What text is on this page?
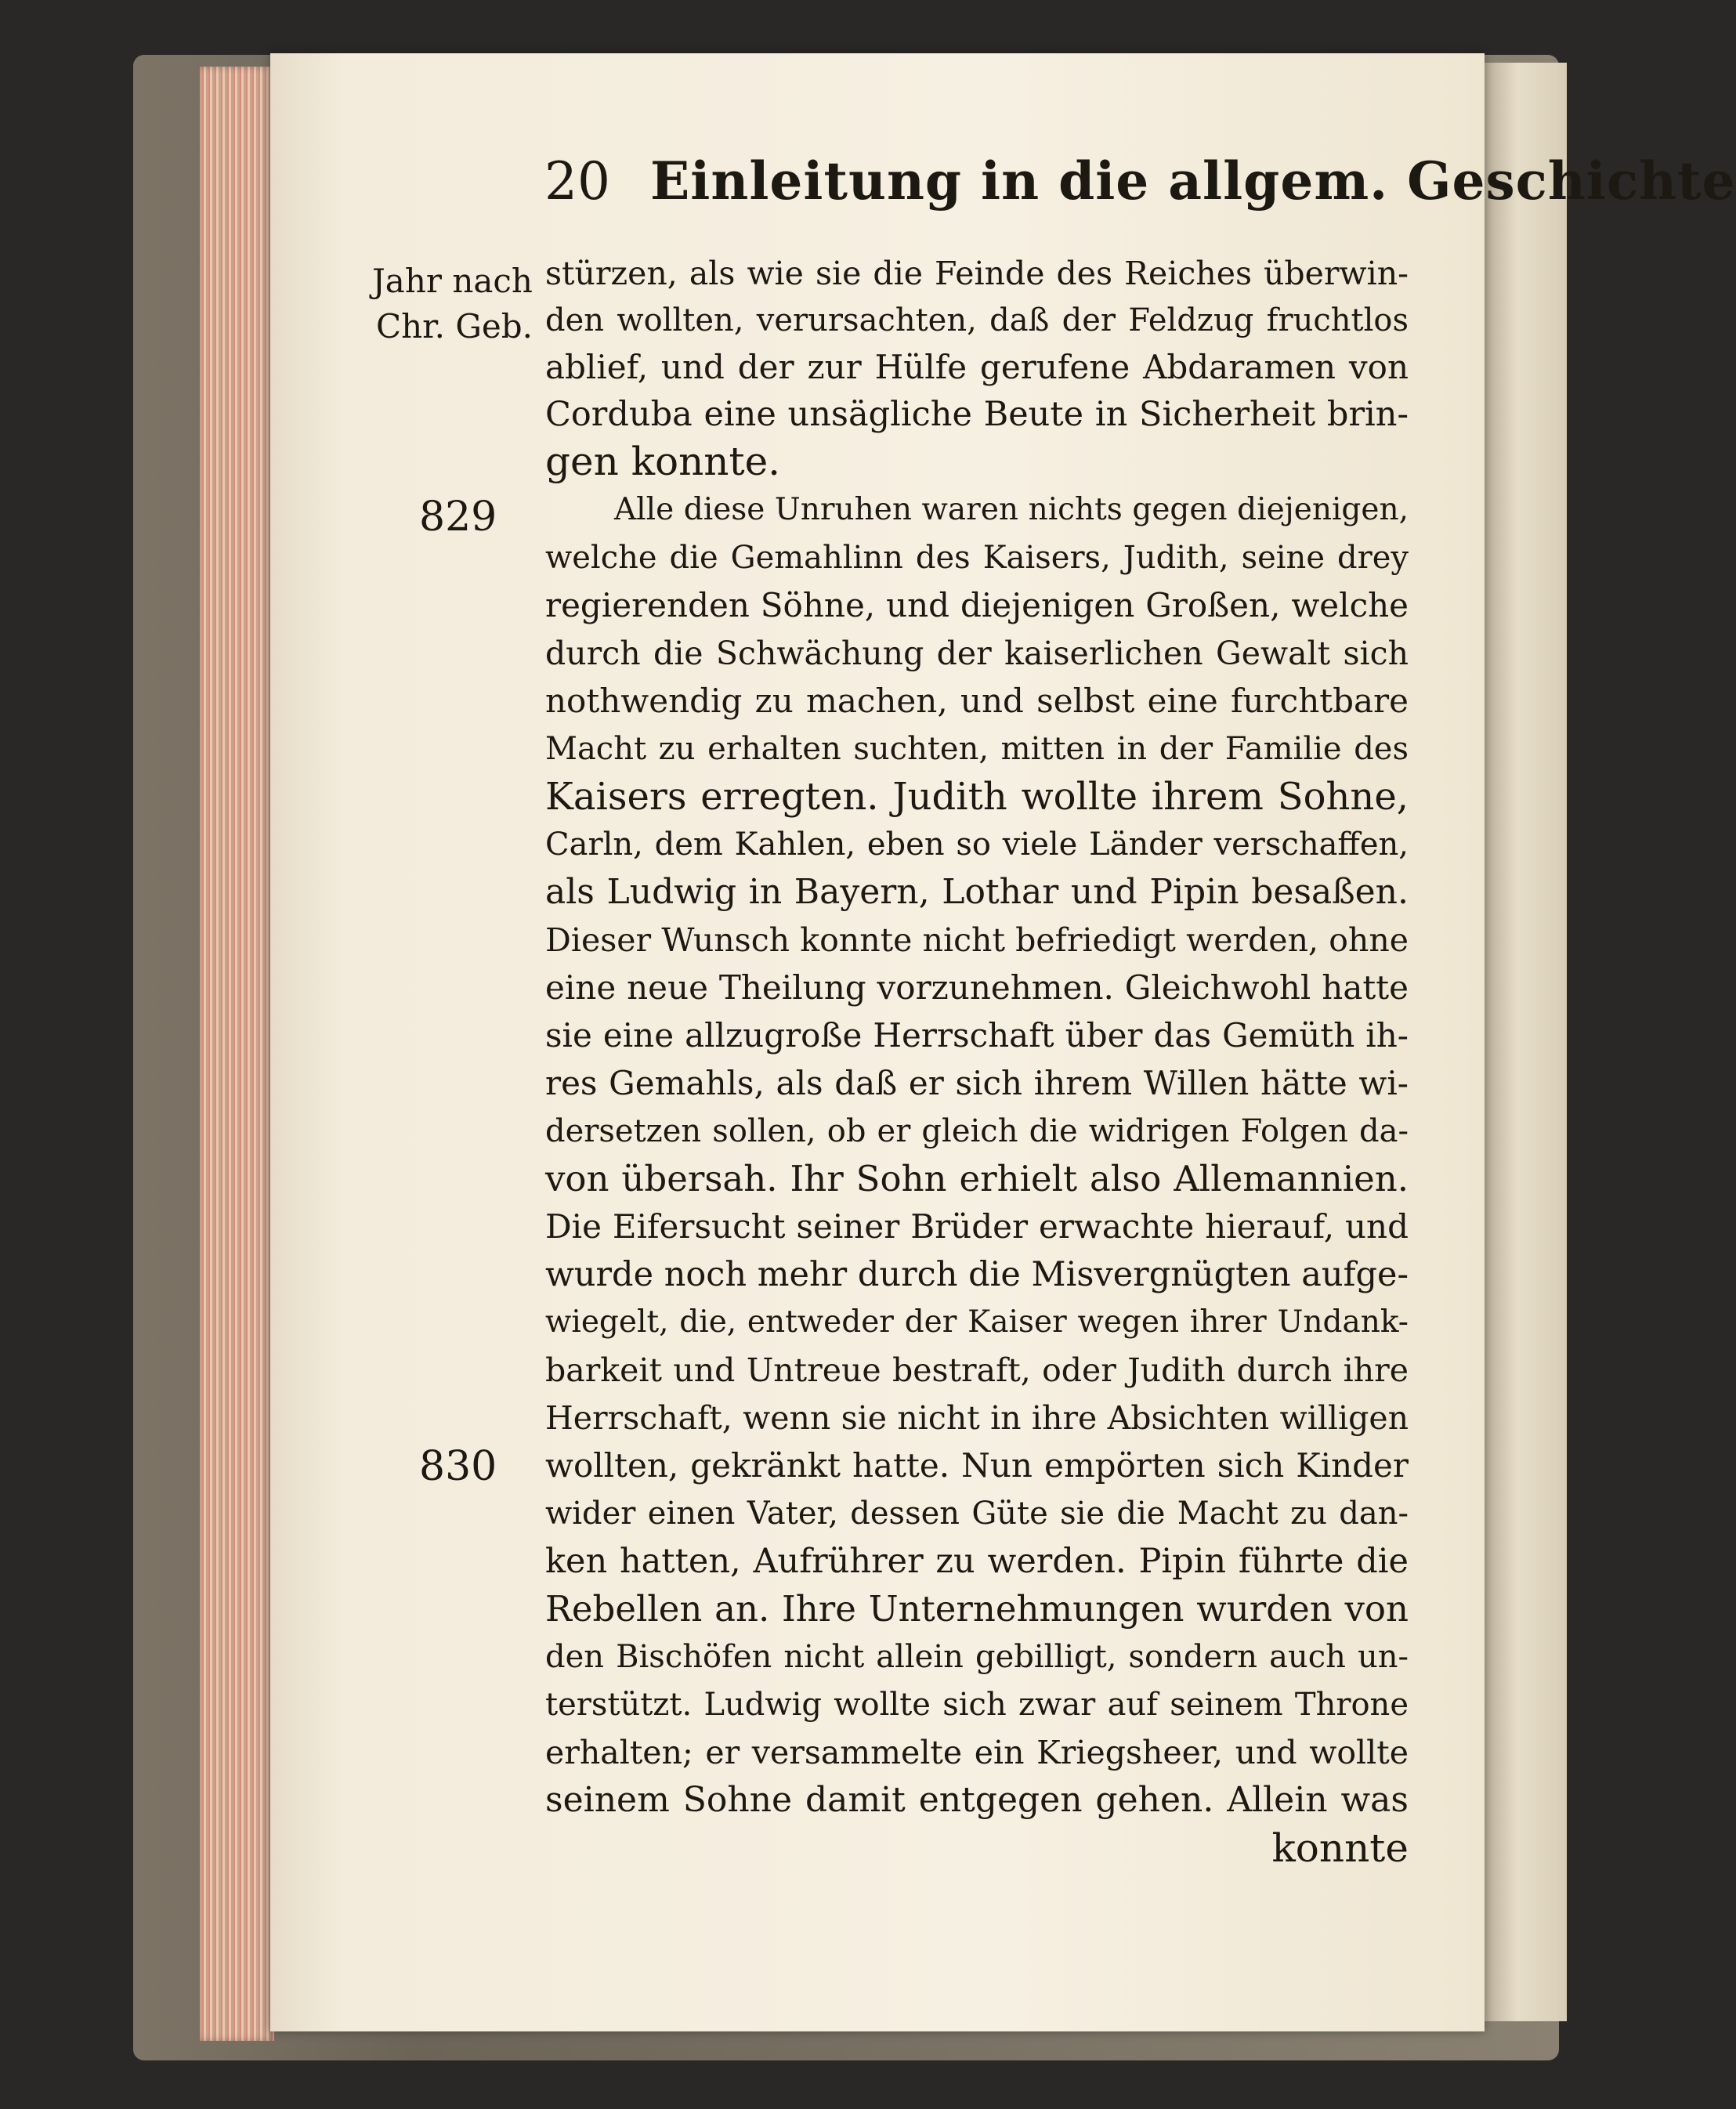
20 Einleitung in die allgem. Geschichte
Jahr nach
Chr. Geb.
829
830
stürzen, als wie sie die Feinde des Reiches überwin-
den wollten, verursachten, daß der Feldzug fruchtlos
ablief, und der zur Hülfe gerufene Abdaramen von
Corduba eine unsägliche Beute in Sicherheit brin-
gen konnte.
Alle diese Unruhen waren nichts gegen diejenigen,
welche die Gemahlinn des Kaisers, Judith, seine drey
regierenden Söhne, und diejenigen Großen, welche
durch die Schwächung der kaiserlichen Gewalt sich
nothwendig zu machen, und selbst eine furchtbare
Macht zu erhalten suchten, mitten in der Familie des
Kaisers erregten. Judith wollte ihrem Sohne,
Carln, dem Kahlen, eben so viele Länder verschaffen,
als Ludwig in Bayern, Lothar und Pipin besaßen.
Dieser Wunsch konnte nicht befriedigt werden, ohne
eine neue Theilung vorzunehmen. Gleichwohl hatte
sie eine allzugroße Herrschaft über das Gemüth ih-
res Gemahls, als daß er sich ihrem Willen hätte wi-
dersetzen sollen, ob er gleich die widrigen Folgen da-
von übersah. Ihr Sohn erhielt also Allemannien.
Die Eifersucht seiner Brüder erwachte hierauf, und
wurde noch mehr durch die Misvergnügten aufge-
wiegelt, die, entweder der Kaiser wegen ihrer Undank-
barkeit und Untreue bestraft, oder Judith durch ihre
Herrschaft, wenn sie nicht in ihre Absichten willigen
wollten, gekränkt hatte. Nun empörten sich Kinder
wider einen Vater, dessen Güte sie die Macht zu dan-
ken hatten, Aufrührer zu werden. Pipin führte die
Rebellen an. Ihre Unternehmungen wurden von
den Bischöfen nicht allein gebilligt, sondern auch un-
terstützt. Ludwig wollte sich zwar auf seinem Throne
erhalten; er versammelte ein Kriegsheer, und wollte
seinem Sohne damit entgegen gehen. Allein was
konnte
